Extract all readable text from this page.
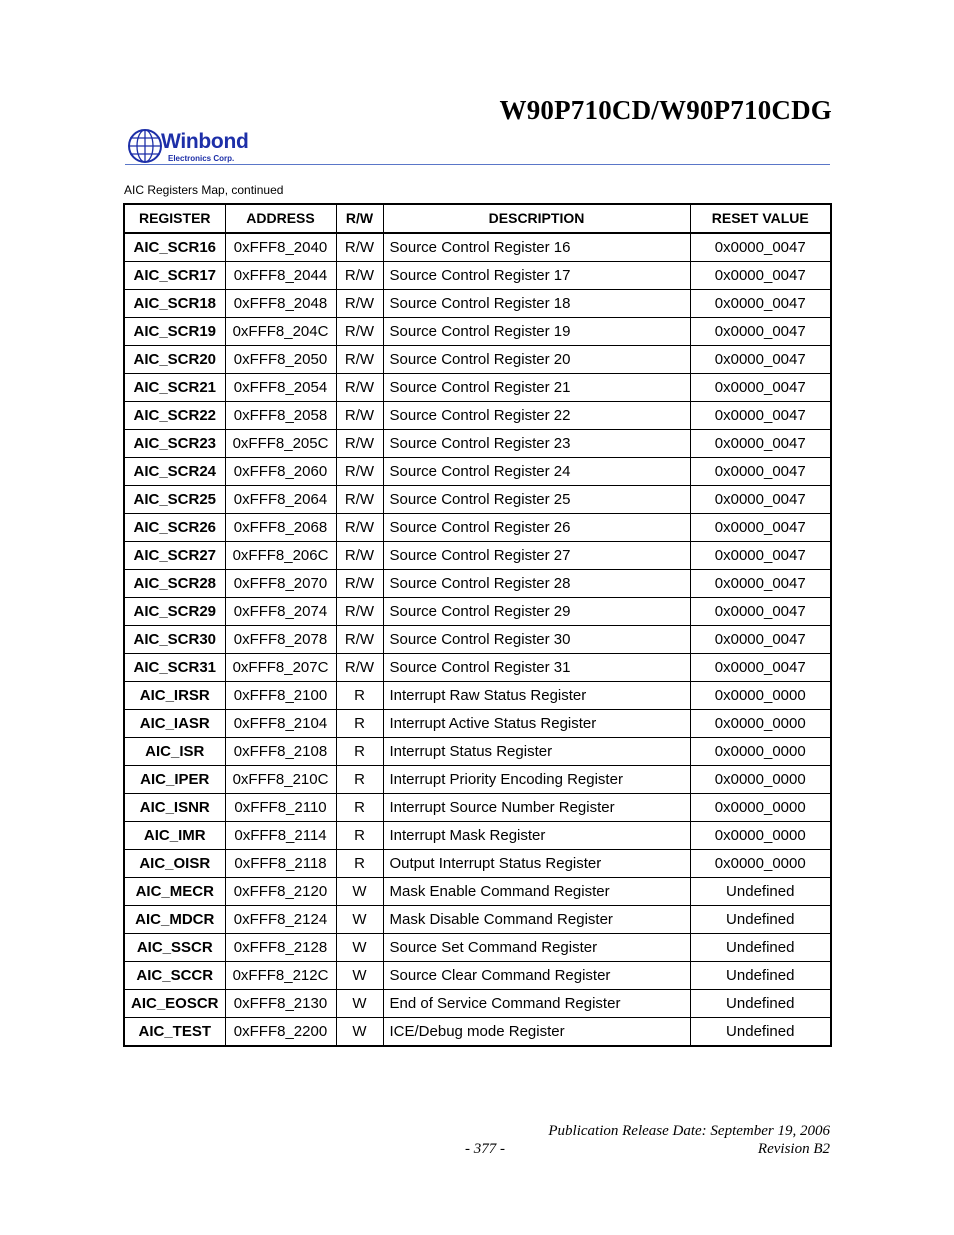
W90P710CD/W90P710CDG
Winbond
Electronics Corp.
AIC Registers Map, continued
REGISTER	ADDRESS	R/W	DESCRIPTION	RESET VALUE
AIC_SCR16	0xFFF8_2040	R/W	Source Control Register 16	0x0000_0047
AIC_SCR17	0xFFF8_2044	R/W	Source Control Register 17	0x0000_0047
AIC_SCR18	0xFFF8_2048	R/W	Source Control Register 18	0x0000_0047
AIC_SCR19	0xFFF8_204C	R/W	Source Control Register 19	0x0000_0047
AIC_SCR20	0xFFF8_2050	R/W	Source Control Register 20	0x0000_0047
AIC_SCR21	0xFFF8_2054	R/W	Source Control Register 21	0x0000_0047
AIC_SCR22	0xFFF8_2058	R/W	Source Control Register 22	0x0000_0047
AIC_SCR23	0xFFF8_205C	R/W	Source Control Register 23	0x0000_0047
AIC_SCR24	0xFFF8_2060	R/W	Source Control Register 24	0x0000_0047
AIC_SCR25	0xFFF8_2064	R/W	Source Control Register 25	0x0000_0047
AIC_SCR26	0xFFF8_2068	R/W	Source Control Register 26	0x0000_0047
AIC_SCR27	0xFFF8_206C	R/W	Source Control Register 27	0x0000_0047
AIC_SCR28	0xFFF8_2070	R/W	Source Control Register 28	0x0000_0047
AIC_SCR29	0xFFF8_2074	R/W	Source Control Register 29	0x0000_0047
AIC_SCR30	0xFFF8_2078	R/W	Source Control Register 30	0x0000_0047
AIC_SCR31	0xFFF8_207C	R/W	Source Control Register 31	0x0000_0047
AIC_IRSR	0xFFF8_2100	R	Interrupt Raw Status Register	0x0000_0000
AIC_IASR	0xFFF8_2104	R	Interrupt Active Status Register	0x0000_0000
AIC_ISR	0xFFF8_2108	R	Interrupt Status Register	0x0000_0000
AIC_IPER	0xFFF8_210C	R	Interrupt Priority Encoding Register	0x0000_0000
AIC_ISNR	0xFFF8_2110	R	Interrupt Source Number Register	0x0000_0000
AIC_IMR	0xFFF8_2114	R	Interrupt Mask Register	0x0000_0000
AIC_OISR	0xFFF8_2118	R	Output Interrupt Status Register	0x0000_0000
AIC_MECR	0xFFF8_2120	W	Mask Enable Command Register	Undefined
AIC_MDCR	0xFFF8_2124	W	Mask Disable Command Register	Undefined
AIC_SSCR	0xFFF8_2128	W	Source Set Command Register	Undefined
AIC_SCCR	0xFFF8_212C	W	Source Clear Command Register	Undefined
AIC_EOSCR	0xFFF8_2130	W	End of Service Command Register	Undefined
AIC_TEST	0xFFF8_2200	W	ICE/Debug mode Register	Undefined
Publication Release Date: September 19, 2006
- 377 -	Revision B2
